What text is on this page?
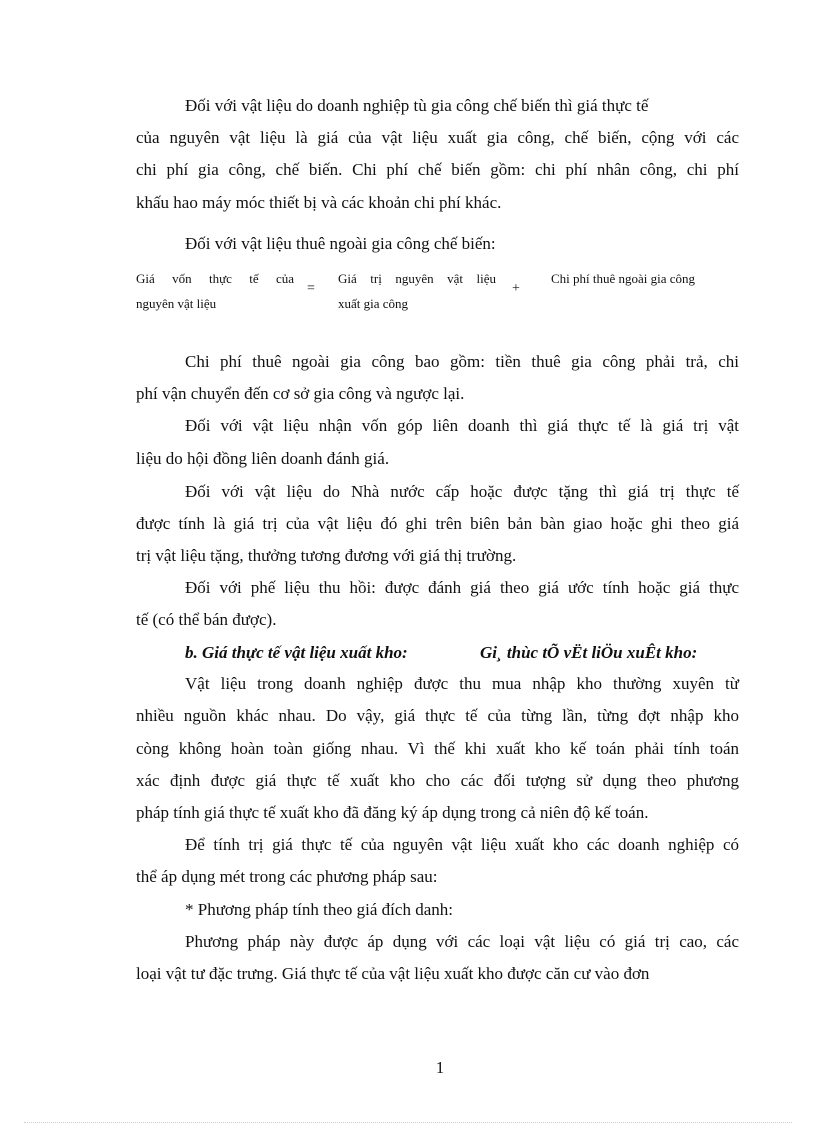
Đối với vật liệu do doanh nghiệp tù gia công chế biến thì giá thực tế

của nguyên vật liệu là giá của vật liệu xuất gia công, chế biến, cộng với các

chi phí gia công, chế biến. Chi phí chế biến gồm: chi phí nhân công, chi phí

khấu hao máy móc thiết bị và các khoản chi phí khác.

Đối với vật liệu thuê ngoài gia công chế biến:

Giá vốn thực tế của

nguyên vật liệu

=

Giá trị nguyên vật liệu

xuất gia công

+

Chi phí thuê ngoài gia công

Chi phí thuê ngoài gia công bao gồm: tiền thuê gia công phải trả, chi

phí vận chuyển đến cơ sở gia công và ngược lại.

Đối với vật liệu nhận vốn góp liên doanh thì giá thực tế là giá trị vật

liệu do hội đồng liên doanh đánh giá.

Đối với vật liệu do Nhà nước cấp hoặc được tặng thì giá trị thực tế

được tính là giá trị của vật liệu đó ghi trên biên bản bàn giao hoặc ghi theo giá

trị vật liệu tặng, thưởng tương đương với giá thị trường.

Đối với phế liệu thu hồi: được đánh giá theo giá ước tính hoặc giá thực

tế (có thể bán được).

b. Giá thực tế vật liệu xuất kho:	Gi¸ thùc tÕ vËt liÖu xuÊt kho:

Vật liệu trong doanh nghiệp được thu mua nhập kho thường xuyên từ

nhiều nguồn khác nhau. Do vậy, giá thực tế của từng lần, từng đợt nhập kho

còng không hoàn toàn giống nhau. Vì thế khi xuất kho kế toán phải tính toán

xác định được giá thực tế xuất kho cho các đối tượng sử dụng theo phương

pháp tính giá thực tế xuất kho đã đăng ký áp dụng trong cả niên độ kế toán.

Để tính trị giá thực tế của nguyên vật liệu xuất kho các doanh nghiệp có

thể áp dụng mét trong các phương pháp sau:

* Phương pháp tính theo giá đích danh:

Phương pháp này được áp dụng với các loại vật liệu có giá trị cao, các

loại vật tư đặc trưng. Giá thực tế của vật liệu xuất kho được căn cư vào đơn

1
